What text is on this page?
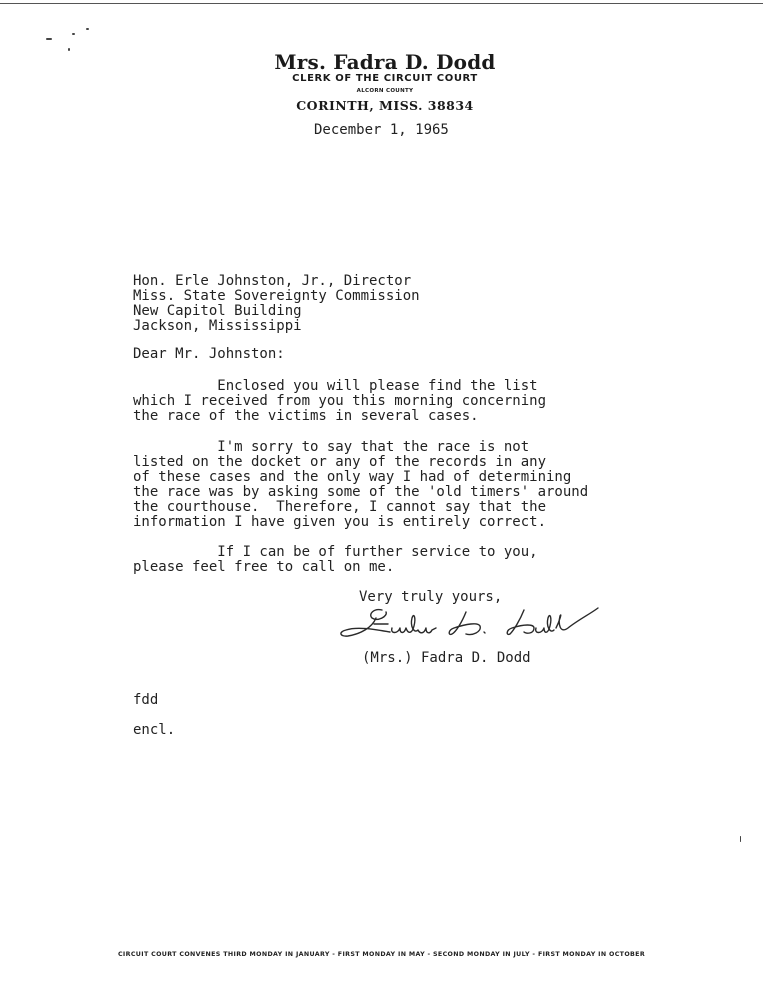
Mrs. Fadra D. Dodd
CLERK OF THE CIRCUIT COURT
ALCORN COUNTY
CORINTH, MISS. 38834
December 1, 1965
Hon. Erle Johnston, Jr., Director
Miss. State Sovereignty Commission
New Capitol Building
Jackson, Mississippi
Dear Mr. Johnston:
Enclosed you will please find the list
which I received from you this morning concerning
the race of the victims in several cases.
I'm sorry to say that the race is not
listed on the docket or any of the records in any
of these cases and the only way I had of determining
the race was by asking some of the 'old timers' around
the courthouse.  Therefore, I cannot say that the
information I have given you is entirely correct.
If I can be of further service to you,
please feel free to call on me.
Very truly yours,
(Mrs.) Fadra D. Dodd
fdd
encl.
CIRCUIT COURT CONVENES THIRD MONDAY IN JANUARY - FIRST MONDAY IN MAY - SECOND MONDAY IN JULY - FIRST MONDAY IN OCTOBER
